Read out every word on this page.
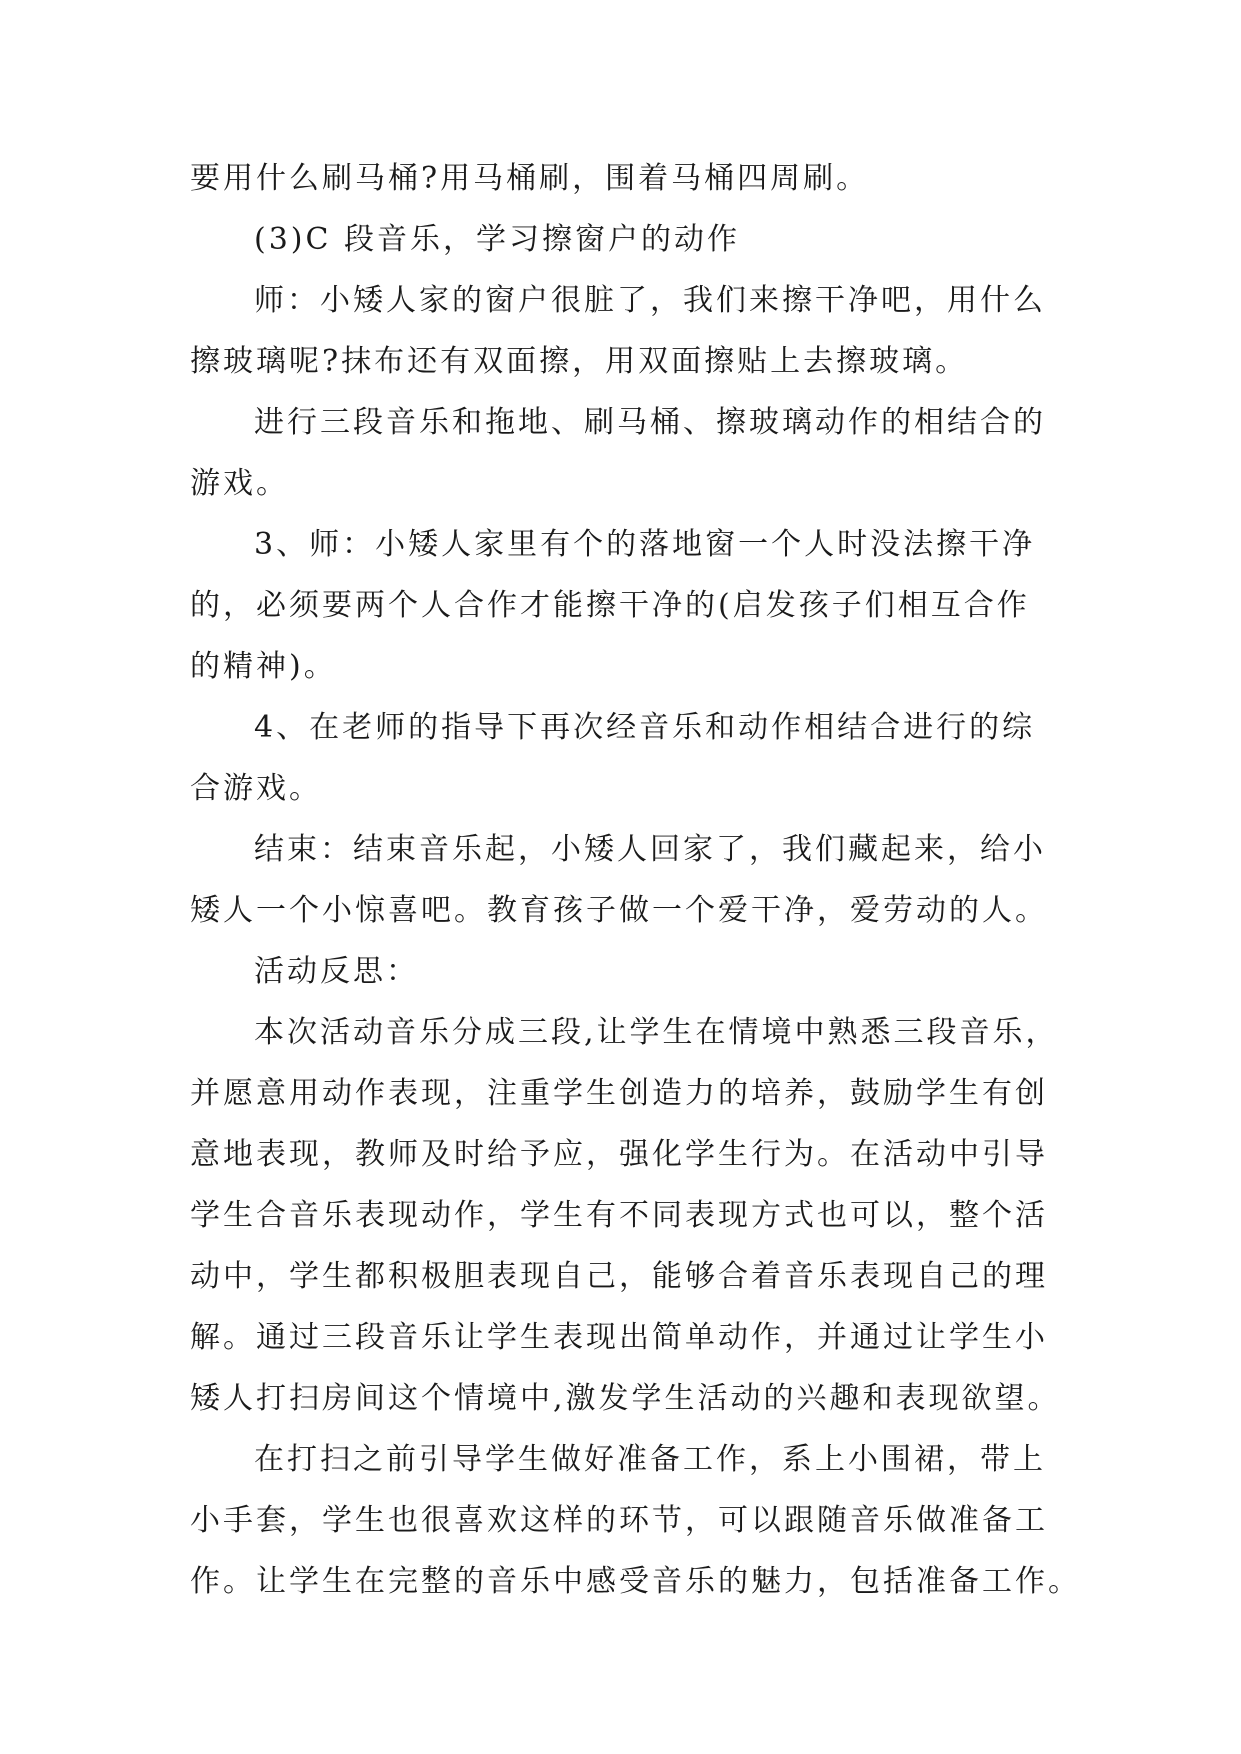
要用什么刷马桶?用马桶刷，围着马桶四周刷。

(3)C 段音乐，学习擦窗户的动作

师：小矮人家的窗户很脏了，我们来擦干净吧，用什么
擦玻璃呢?抹布还有双面擦，用双面擦贴上去擦玻璃。

进行三段音乐和拖地、刷马桶、擦玻璃动作的相结合的
游戏。

3、师：小矮人家里有个的落地窗一个人时没法擦干净
的，必须要两个人合作才能擦干净的(启发孩子们相互合作
的精神)。

4、在老师的指导下再次经音乐和动作相结合进行的综
合游戏。

结束：结束音乐起，小矮人回家了，我们藏起来，给小
矮人一个小惊喜吧。教育孩子做一个爱干净，爱劳动的人。

活动反思：

本次活动音乐分成三段,让学生在情境中熟悉三段音乐，
并愿意用动作表现，注重学生创造力的培养，鼓励学生有创
意地表现，教师及时给予应，强化学生行为。在活动中引导
学生合音乐表现动作，学生有不同表现方式也可以，整个活
动中，学生都积极胆表现自己，能够合着音乐表现自己的理
解。通过三段音乐让学生表现出简单动作，并通过让学生小
矮人打扫房间这个情境中,激发学生活动的兴趣和表现欲望。

在打扫之前引导学生做好准备工作，系上小围裙，带上
小手套，学生也很喜欢这样的环节，可以跟随音乐做准备工
作。让学生在完整的音乐中感受音乐的魅力，包括准备工作。
